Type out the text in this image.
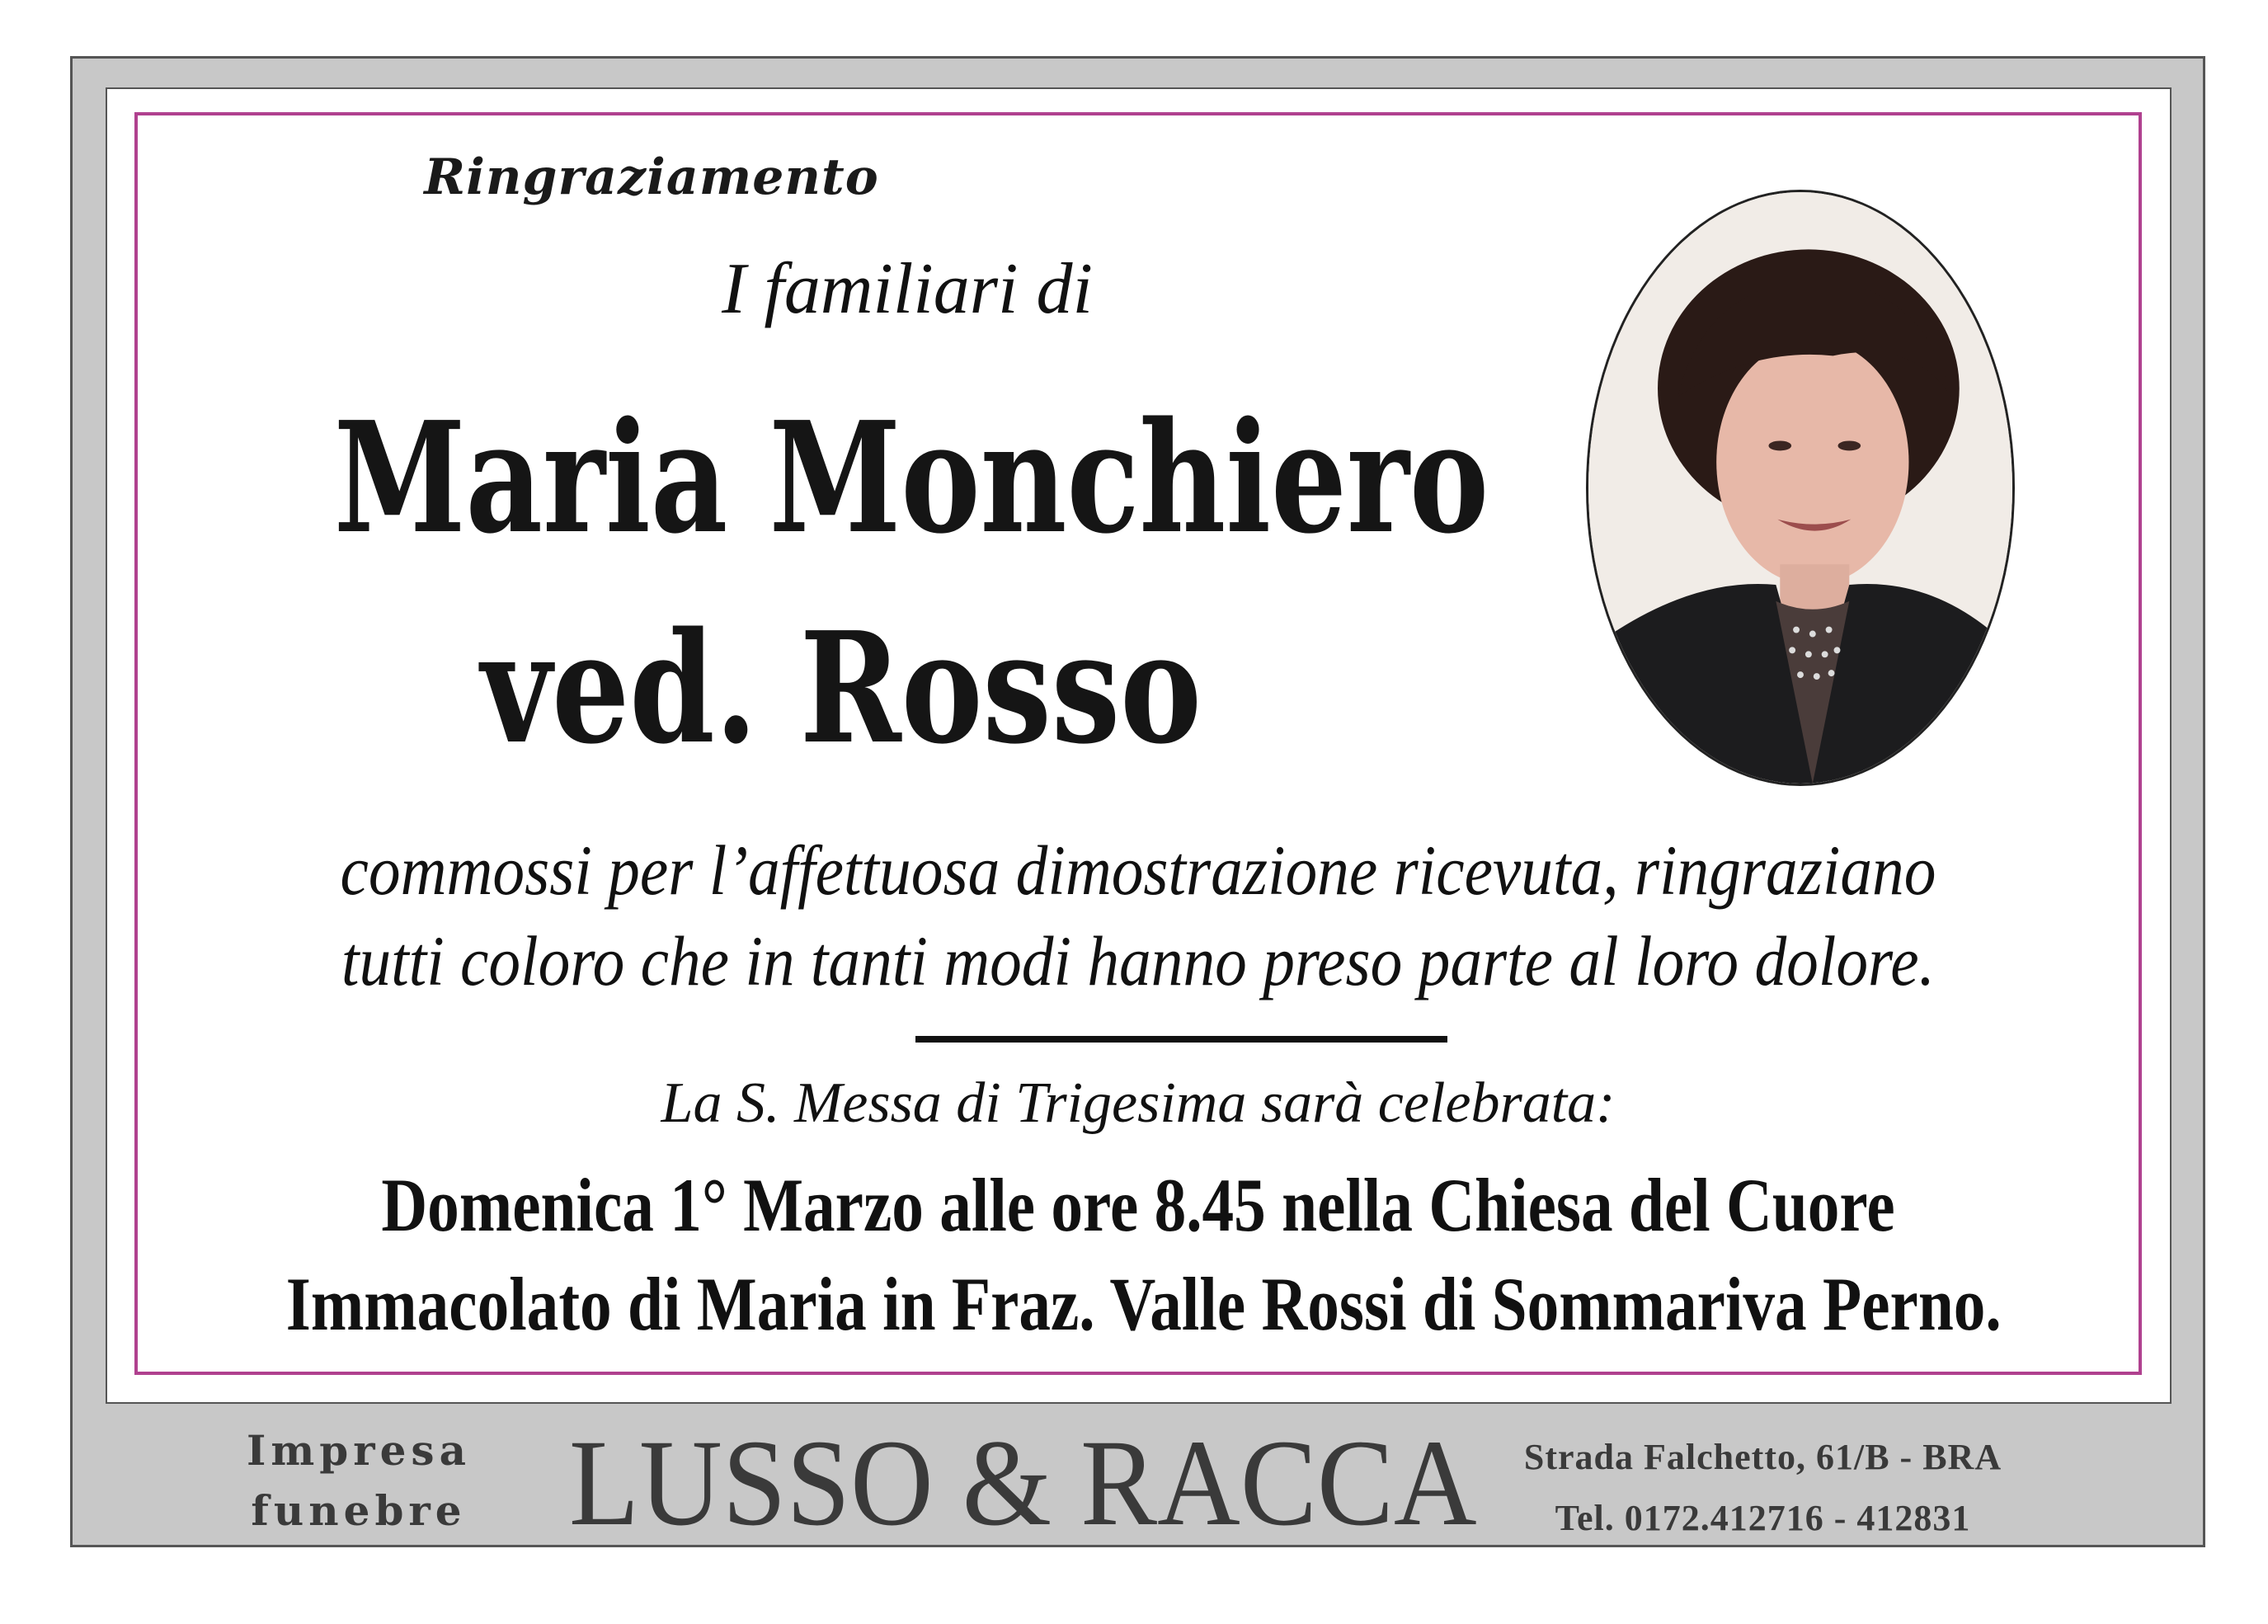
Ringraziamento
I familiari di
Maria Monchiero
ved. Rosso
commossi per l’affettuosa dimostrazione ricevuta, ringraziano
tutti coloro che in tanti modi hanno preso parte al loro dolore.
La S. Messa di Trigesima sarà celebrata:
Domenica 1° Marzo alle ore 8.45 nella Chiesa del Cuore
Immacolato di Maria in Fraz. Valle Rossi di Sommariva Perno.
Impresa
funebre LUSSO & RACCA	Strada Falchetto, 61/B - BRA
Tel. 0172.412716 - 412831
